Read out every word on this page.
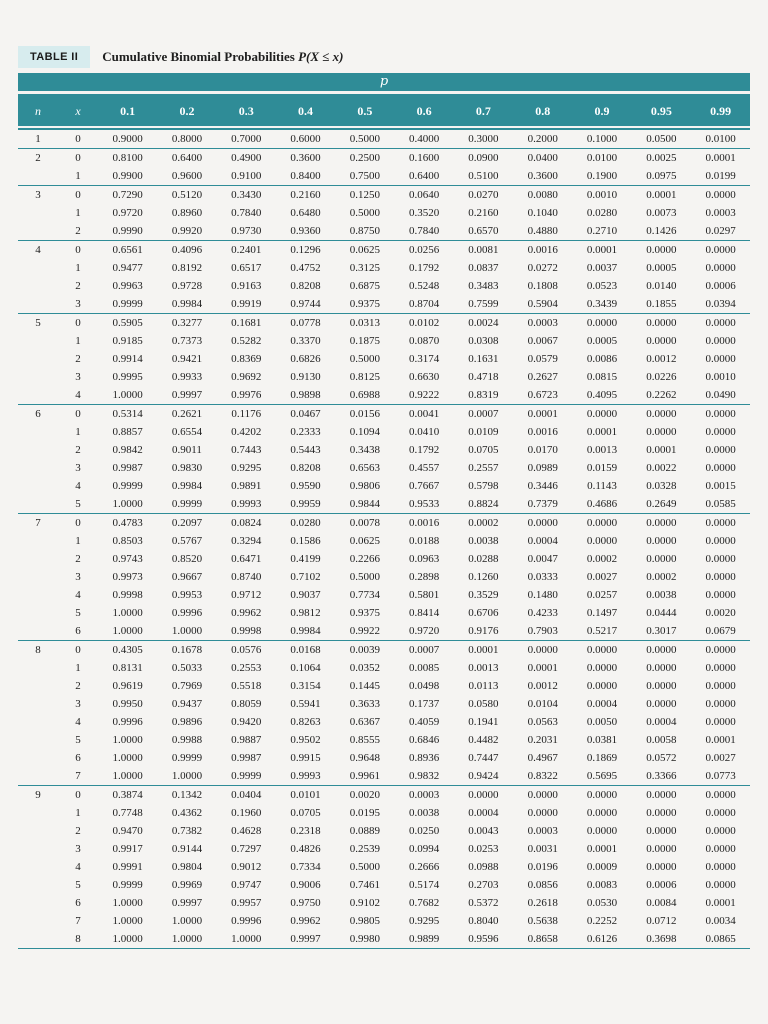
TABLE II	Cumulative Binomial Probabilities P(X ≤ x)
p
n	x	0.1	0.2	0.3	0.4	0.5	0.6	0.7	0.8	0.9	0.95	0.99
1	0	0.9000	0.8000	0.7000	0.6000	0.5000	0.4000	0.3000	0.2000	0.1000	0.0500	0.0100
2	0	0.8100	0.6400	0.4900	0.3600	0.2500	0.1600	0.0900	0.0400	0.0100	0.0025	0.0001
	1	0.9900	0.9600	0.9100	0.8400	0.7500	0.6400	0.5100	0.3600	0.1900	0.0975	0.0199
3	0	0.7290	0.5120	0.3430	0.2160	0.1250	0.0640	0.0270	0.0080	0.0010	0.0001	0.0000
	1	0.9720	0.8960	0.7840	0.6480	0.5000	0.3520	0.2160	0.1040	0.0280	0.0073	0.0003
	2	0.9990	0.9920	0.9730	0.9360	0.8750	0.7840	0.6570	0.4880	0.2710	0.1426	0.0297
4	0	0.6561	0.4096	0.2401	0.1296	0.0625	0.0256	0.0081	0.0016	0.0001	0.0000	0.0000
	1	0.9477	0.8192	0.6517	0.4752	0.3125	0.1792	0.0837	0.0272	0.0037	0.0005	0.0000
	2	0.9963	0.9728	0.9163	0.8208	0.6875	0.5248	0.3483	0.1808	0.0523	0.0140	0.0006
	3	0.9999	0.9984	0.9919	0.9744	0.9375	0.8704	0.7599	0.5904	0.3439	0.1855	0.0394
5	0	0.5905	0.3277	0.1681	0.0778	0.0313	0.0102	0.0024	0.0003	0.0000	0.0000	0.0000
	1	0.9185	0.7373	0.5282	0.3370	0.1875	0.0870	0.0308	0.0067	0.0005	0.0000	0.0000
	2	0.9914	0.9421	0.8369	0.6826	0.5000	0.3174	0.1631	0.0579	0.0086	0.0012	0.0000
	3	0.9995	0.9933	0.9692	0.9130	0.8125	0.6630	0.4718	0.2627	0.0815	0.0226	0.0010
	4	1.0000	0.9997	0.9976	0.9898	0.6988	0.9222	0.8319	0.6723	0.4095	0.2262	0.0490
6	0	0.5314	0.2621	0.1176	0.0467	0.0156	0.0041	0.0007	0.0001	0.0000	0.0000	0.0000
	1	0.8857	0.6554	0.4202	0.2333	0.1094	0.0410	0.0109	0.0016	0.0001	0.0000	0.0000
	2	0.9842	0.9011	0.7443	0.5443	0.3438	0.1792	0.0705	0.0170	0.0013	0.0001	0.0000
	3	0.9987	0.9830	0.9295	0.8208	0.6563	0.4557	0.2557	0.0989	0.0159	0.0022	0.0000
	4	0.9999	0.9984	0.9891	0.9590	0.9806	0.7667	0.5798	0.3446	0.1143	0.0328	0.0015
	5	1.0000	0.9999	0.9993	0.9959	0.9844	0.9533	0.8824	0.7379	0.4686	0.2649	0.0585
7	0	0.4783	0.2097	0.0824	0.0280	0.0078	0.0016	0.0002	0.0000	0.0000	0.0000	0.0000
	1	0.8503	0.5767	0.3294	0.1586	0.0625	0.0188	0.0038	0.0004	0.0000	0.0000	0.0000
	2	0.9743	0.8520	0.6471	0.4199	0.2266	0.0963	0.0288	0.0047	0.0002	0.0000	0.0000
	3	0.9973	0.9667	0.8740	0.7102	0.5000	0.2898	0.1260	0.0333	0.0027	0.0002	0.0000
	4	0.9998	0.9953	0.9712	0.9037	0.7734	0.5801	0.3529	0.1480	0.0257	0.0038	0.0000
	5	1.0000	0.9996	0.9962	0.9812	0.9375	0.8414	0.6706	0.4233	0.1497	0.0444	0.0020
	6	1.0000	1.0000	0.9998	0.9984	0.9922	0.9720	0.9176	0.7903	0.5217	0.3017	0.0679
8	0	0.4305	0.1678	0.0576	0.0168	0.0039	0.0007	0.0001	0.0000	0.0000	0.0000	0.0000
	1	0.8131	0.5033	0.2553	0.1064	0.0352	0.0085	0.0013	0.0001	0.0000	0.0000	0.0000
	2	0.9619	0.7969	0.5518	0.3154	0.1445	0.0498	0.0113	0.0012	0.0000	0.0000	0.0000
	3	0.9950	0.9437	0.8059	0.5941	0.3633	0.1737	0.0580	0.0104	0.0004	0.0000	0.0000
	4	0.9996	0.9896	0.9420	0.8263	0.6367	0.4059	0.1941	0.0563	0.0050	0.0004	0.0000
	5	1.0000	0.9988	0.9887	0.9502	0.8555	0.6846	0.4482	0.2031	0.0381	0.0058	0.0001
	6	1.0000	0.9999	0.9987	0.9915	0.9648	0.8936	0.7447	0.4967	0.1869	0.0572	0.0027
	7	1.0000	1.0000	0.9999	0.9993	0.9961	0.9832	0.9424	0.8322	0.5695	0.3366	0.0773
9	0	0.3874	0.1342	0.0404	0.0101	0.0020	0.0003	0.0000	0.0000	0.0000	0.0000	0.0000
	1	0.7748	0.4362	0.1960	0.0705	0.0195	0.0038	0.0004	0.0000	0.0000	0.0000	0.0000
	2	0.9470	0.7382	0.4628	0.2318	0.0889	0.0250	0.0043	0.0003	0.0000	0.0000	0.0000
	3	0.9917	0.9144	0.7297	0.4826	0.2539	0.0994	0.0253	0.0031	0.0001	0.0000	0.0000
	4	0.9991	0.9804	0.9012	0.7334	0.5000	0.2666	0.0988	0.0196	0.0009	0.0000	0.0000
	5	0.9999	0.9969	0.9747	0.9006	0.7461	0.5174	0.2703	0.0856	0.0083	0.0006	0.0000
	6	1.0000	0.9997	0.9957	0.9750	0.9102	0.7682	0.5372	0.2618	0.0530	0.0084	0.0001
	7	1.0000	1.0000	0.9996	0.9962	0.9805	0.9295	0.8040	0.5638	0.2252	0.0712	0.0034
	8	1.0000	1.0000	1.0000	0.9997	0.9980	0.9899	0.9596	0.8658	0.6126	0.3698	0.0865
